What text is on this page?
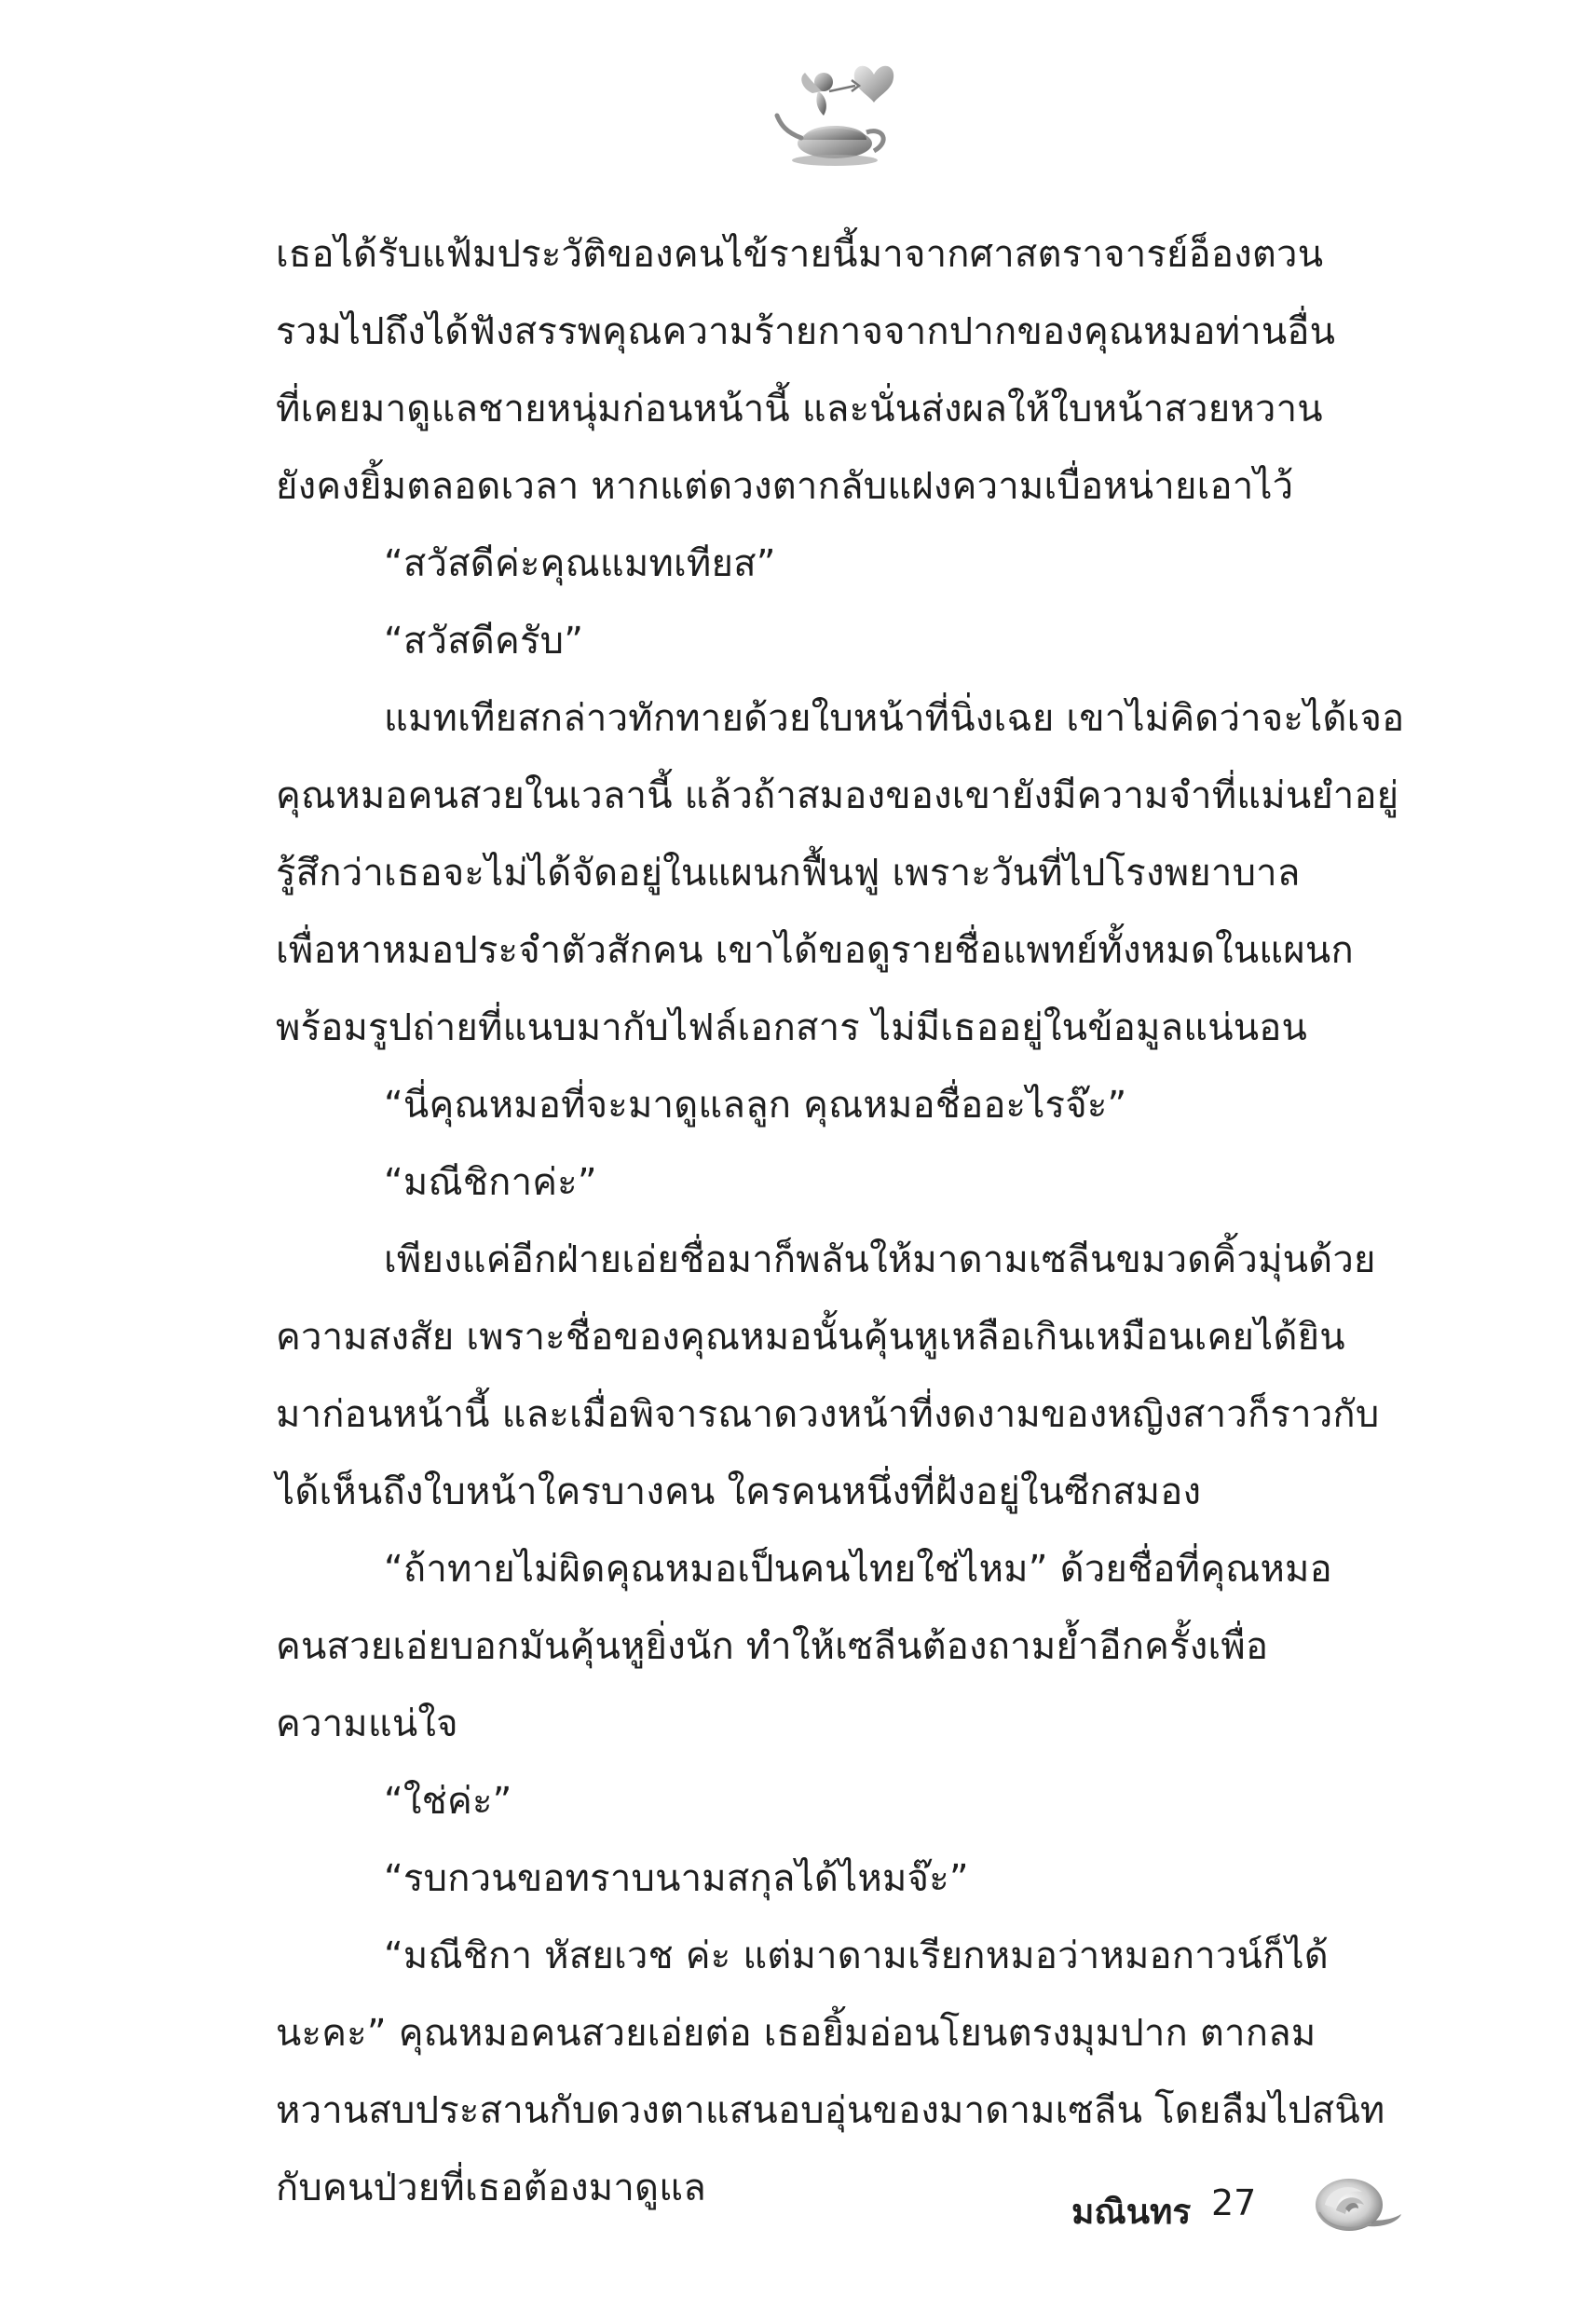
เธอได้รับแฟ้มประวัติของคนไข้รายนี้มาจากศาสตราจารย์อ็องตวน
รวมไปถึงได้ฟังสรรพคุณความร้ายกาจจากปากของคุณหมอท่านอื่น
ที่เคยมาดูแลชายหนุ่มก่อนหน้านี้ และนั่นส่งผลให้ใบหน้าสวยหวาน
ยังคงยิ้มตลอดเวลา หากแต่ดวงตากลับแฝงความเบื่อหน่ายเอาไว้
“สวัสดีค่ะคุณแมทเทียส”
“สวัสดีครับ”
แมทเทียสกล่าวทักทายด้วยใบหน้าที่นิ่งเฉย เขาไม่คิดว่าจะได้เจอ
คุณหมอคนสวยในเวลานี้ แล้วถ้าสมองของเขายังมีความจำที่แม่นยำอยู่
รู้สึกว่าเธอจะไม่ได้จัดอยู่ในแผนกฟื้นฟู เพราะวันที่ไปโรงพยาบาล
เพื่อหาหมอประจำตัวสักคน เขาได้ขอดูรายชื่อแพทย์ทั้งหมดในแผนก
พร้อมรูปถ่ายที่แนบมากับไฟล์เอกสาร ไม่มีเธออยู่ในข้อมูลแน่นอน
“นี่คุณหมอที่จะมาดูแลลูก คุณหมอชื่ออะไรจ๊ะ”
“มณีชิกาค่ะ”
เพียงแค่อีกฝ่ายเอ่ยชื่อมาก็พลันให้มาดามเซลีนขมวดคิ้วมุ่นด้วย
ความสงสัย เพราะชื่อของคุณหมอนั้นคุ้นหูเหลือเกินเหมือนเคยได้ยิน
มาก่อนหน้านี้ และเมื่อพิจารณาดวงหน้าที่งดงามของหญิงสาวก็ราวกับ
ได้เห็นถึงใบหน้าใครบางคน ใครคนหนึ่งที่ฝังอยู่ในซีกสมอง
“ถ้าทายไม่ผิดคุณหมอเป็นคนไทยใช่ไหม” ด้วยชื่อที่คุณหมอ
คนสวยเอ่ยบอกมันคุ้นหูยิ่งนัก ทำให้เซลีนต้องถามย้ำอีกครั้งเพื่อ
ความแน่ใจ
“ใช่ค่ะ”
“รบกวนขอทราบนามสกุลได้ไหมจ๊ะ”
“มณีชิกา หัสยเวช ค่ะ แต่มาดามเรียกหมอว่าหมอกาวน์ก็ได้
นะคะ” คุณหมอคนสวยเอ่ยต่อ เธอยิ้มอ่อนโยนตรงมุมปาก ตากลม
หวานสบประสานกับดวงตาแสนอบอุ่นของมาดามเซลีน โดยลืมไปสนิท
กับคนป่วยที่เธอต้องมาดูแล
มณินทร 27
